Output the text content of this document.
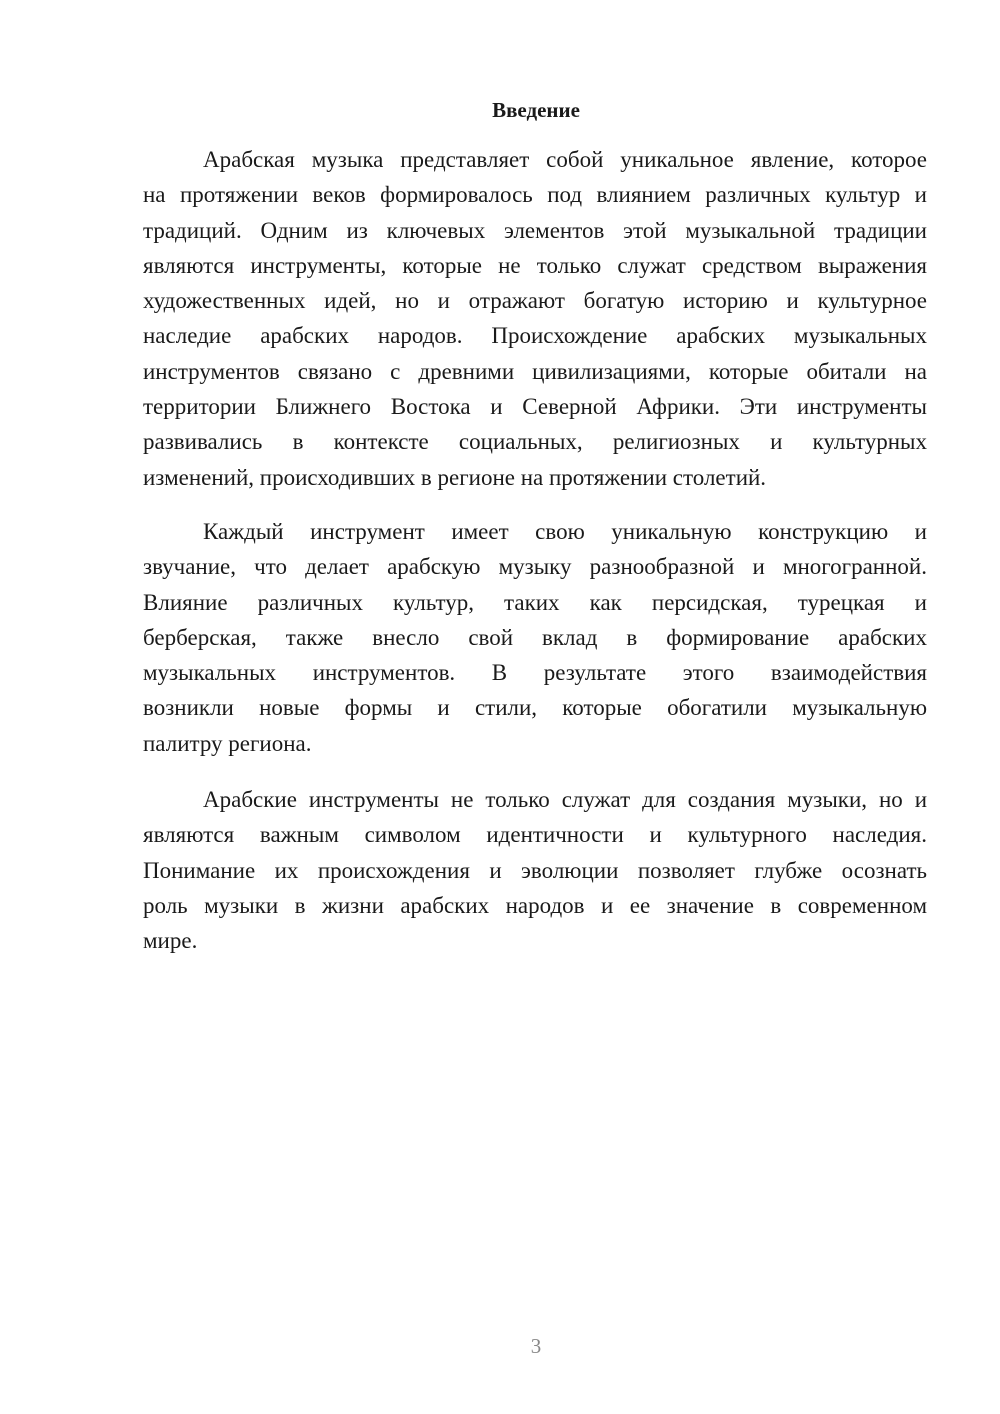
Введение
Арабская музыка представляет собой уникальное явление, которое
на протяжении веков формировалось под влиянием различных культур и
традиций. Одним из ключевых элементов этой музыкальной традиции
являются инструменты, которые не только служат средством выражения
художественных идей, но и отражают богатую историю и культурное
наследие арабских народов. Происхождение арабских музыкальных
инструментов связано с древними цивилизациями, которые обитали на
территории Ближнего Востока и Северной Африки. Эти инструменты
развивались в контексте социальных, религиозных и культурных
изменений, происходивших в регионе на протяжении столетий.
Каждый инструмент имеет свою уникальную конструкцию и
звучание, что делает арабскую музыку разнообразной и многогранной.
Влияние различных культур, таких как персидская, турецкая и
берберская, также внесло свой вклад в формирование арабских
музыкальных инструментов. В результате этого взаимодействия
возникли новые формы и стили, которые обогатили музыкальную
палитру региона.
Арабские инструменты не только служат для создания музыки, но и
являются важным символом идентичности и культурного наследия.
Понимание их происхождения и эволюции позволяет глубже осознать
роль музыки в жизни арабских народов и ее значение в современном
мире.
3
